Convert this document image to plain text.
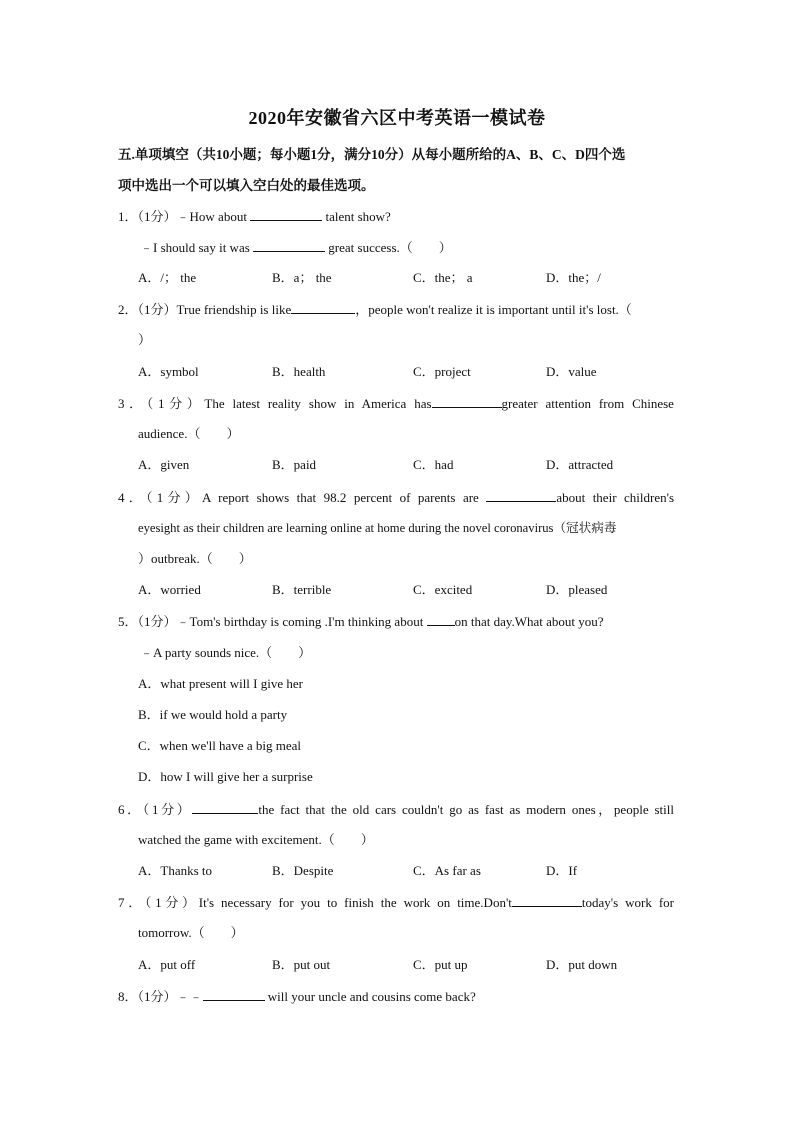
2020年安徽省六区中考英语一模试卷
五.单项填空（共10小题；每小题1分，满分10分）从每小题所给的A、B、C、D四个选
项中选出一个可以填入空白处的最佳选项。
1．（1分）﹣How about	talent show?
﹣I should say it was	great success.（　　）
A．/； the	B．a； the	C．the； a	D．the；/
2．（1分）True friendship is like	，people won't realize it is important until it's lost.（
）
A．symbol	B．health	C．project	D．value
3．（1分）The latest reality show in America has	greater attention from Chinese
audience.（　　）
A．given	B．paid	C．had	D．attracted
4．（1分）A report shows that 98.2 percent of parents are	about their children's
eyesight as their children are learning online at home during the novel coronavirus（冠状病毒
）outbreak.（　　）
A．worried	B．terrible	C．excited	D．pleased
5．（1分）﹣Tom's birthday is coming .I'm thinking about on that day.What about you?
﹣A party sounds nice.（　　）
A．what present will I give her
B．if we would hold a party
C．when we'll have a big meal
D．how I will give her a surprise
6．（1分）	the fact that the old cars couldn't go as fast as modern ones，people still
watched the game with excitement.（　　）
A．Thanks to	B．Despite	C．As far as	D．If
7．（1分）It's necessary for you to finish the work on time.Don't	today's work for
tomorrow.（　　）
A．put off	B．put out	C．put up	D．put down
8．（1分）﹣﹣	will your uncle and cousins come back?
